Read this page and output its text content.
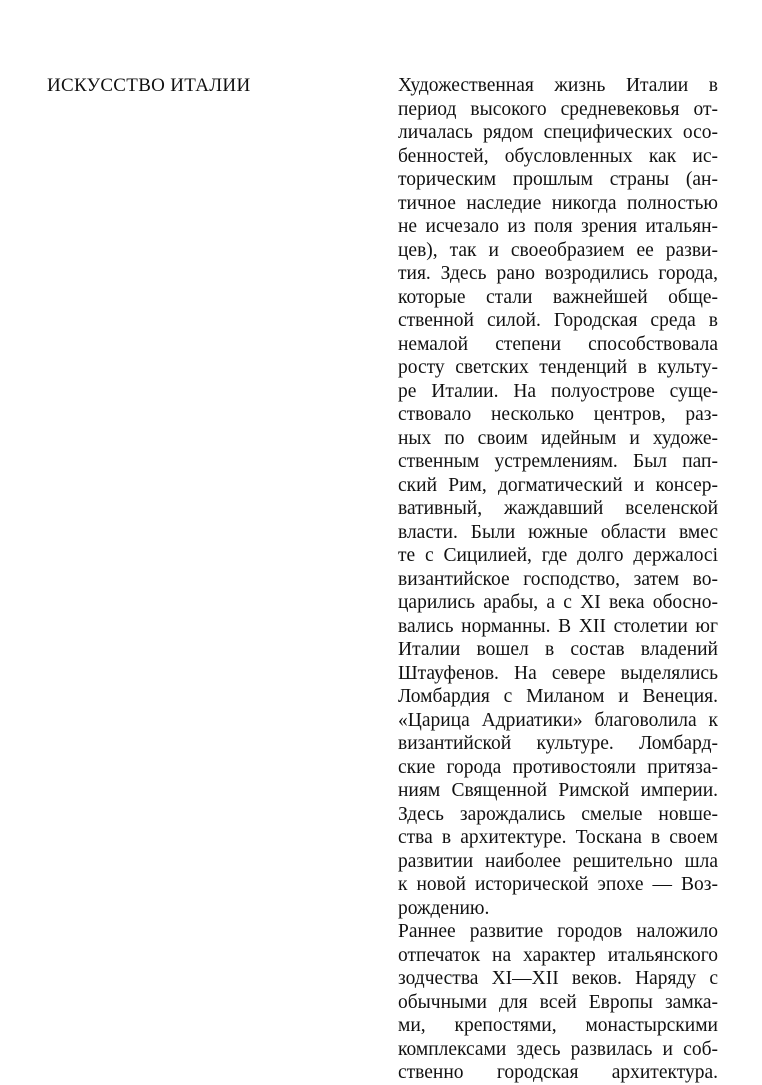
ИСКУССТВО ИТАЛИИ	Художественная жизнь Италии в
период высокого средневековья от-
личалась рядом специфических осо-
бенностей, обусловленных как ис-
торическим прошлым страны (ан-
тичное наследие никогда полностью
не исчезало из поля зрения итальян-
цев), так и своеобразием ее разви-
тия. Здесь рано возродились города,
которые стали важнейшей обще-
ственной силой. Городская среда в
немалой степени способствовала
росту светских тенденций в культу-
ре Италии. На полуострове суще-
ствовало несколько центров, раз-
ных по своим идейным и художе-
ственным устремлениям. Был пап-
ский Рим, догматический и консер-
вативный, жаждавший вселенской
власти. Были южные области вмес
те с Сицилией, где долго держалосі
византийское господство, затем во-
царились арабы, а с XI века обосно-
вались норманны. В XII столетии юг
Италии вошел в состав владений
Штауфенов. На севере выделялись
Ломбардия с Миланом и Венеция.
«Царица Адриатики» благоволила к
византийской культуре. Ломбард-
ские города противостояли притяза-
ниям Священной Римской империи.
Здесь зарождались смелые новше-
ства в архитектуре. Тоскана в своем
развитии наиболее решительно шла
к новой исторической эпохе — Воз-
рождению.
Раннее развитие городов наложило
отпечаток на характер итальянского
зодчества XI—XII веков. Наряду с
обычными для всей Европы замка-
ми, крепостями, монастырскими
комплексами здесь развилась и соб-
ственно городская архитектура.
